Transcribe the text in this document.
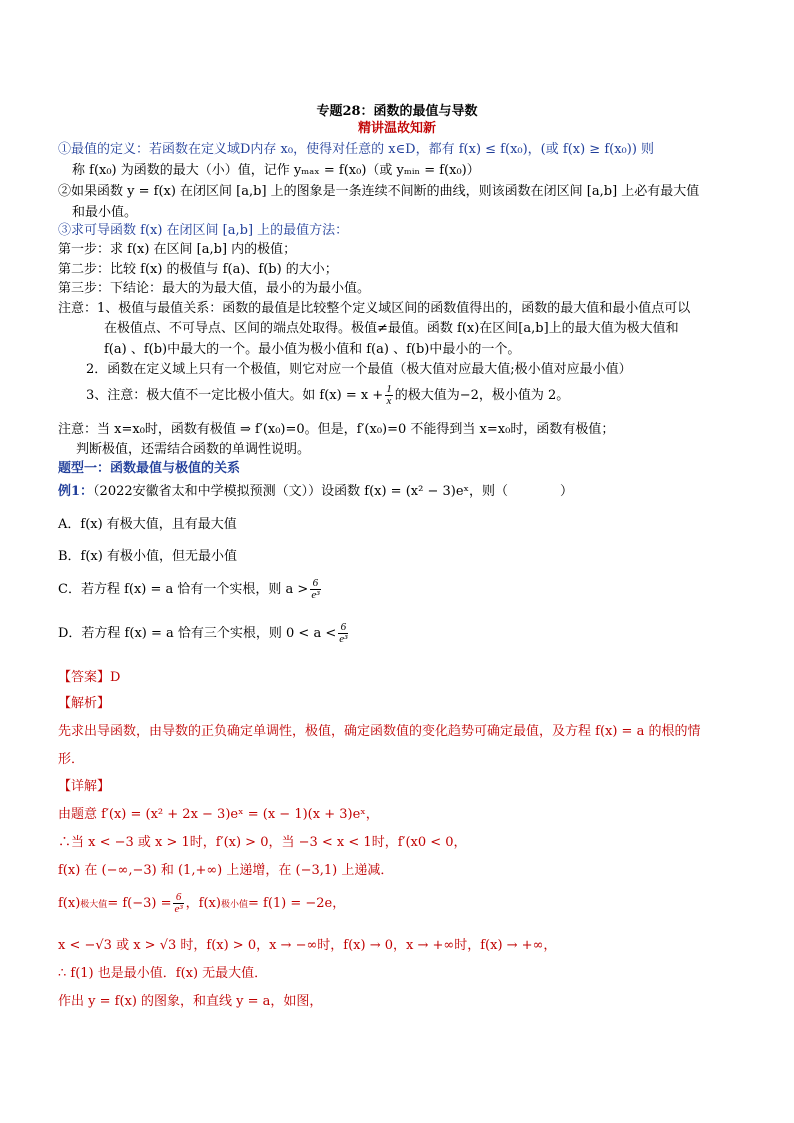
专题28：函数的最值与导数
精讲温故知新
①最值的定义：若函数在定义域D内存 x₀，使得对任意的 x∈D，都有 f(x) ≤ f(x₀)，(或 f(x) ≥ f(x₀)) 则
称 f(x₀) 为函数的最大（小）值，记作 yₘₐₓ = f(x₀)（或 yₘᵢₙ = f(x₀)）
②如果函数 y = f(x) 在闭区间 [a,b] 上的图象是一条连续不间断的曲线，则该函数在闭区间 [a,b] 上必有最大值
和最小值。
③求可导函数 f(x) 在闭区间 [a,b] 上的最值方法：
第一步：求 f(x) 在区间 [a,b] 内的极值；
第二步：比较 f(x) 的极值与 f(a)、f(b) 的大小；
第三步：下结论：最大的为最大值，最小的为最小值。
注意：1、极值与最值关系：函数的最值是比较整个定义域区间的函数值得出的，函数的最大值和最小值点可以
在极值点、不可导点、区间的端点处取得。极值≠最值。函数 f(x)在区间[a,b]上的最大值为极大值和
f(a) 、f(b)中最大的一个。最小值为极小值和 f(a) 、f(b)中最小的一个。
2．函数在定义域上只有一个极值，则它对应一个最值（极大值对应最大值;极小值对应最小值）
3、注意：极大值不一定比极小值大。如 $f(x) = x + \frac{1}{x}$ 的极大值为−2，极小值为 2。
注意：当 x=x₀时，函数有极值 ⇒ f′(x₀)=0。但是，f′(x₀)=0 不能得到当 x=x₀时，函数有极值；
判断极值，还需结合函数的单调性说明。
题型一：函数最值与极值的关系
例1：（2022安徽省太和中学模拟预测（文））设函数 f(x) = (x² − 3)eˣ，则（　　　　）
A．f(x) 有极大值，且有最大值
B．f(x) 有极小值，但无最小值
C．若方程 f(x) = a 恰有一个实根，则 $a > \frac{6}{\text{e³}}$
D．若方程 f(x) = a 恰有三个实根，则 $0 < a < \frac{6}{\text{e³}}$
【答案】D
【解析】
先求出导函数，由导数的正负确定单调性，极值，确定函数值的变化趋势可确定最值，及方程 f(x) = a 的根的情
形．
【详解】
由题意 f′(x) = (x² + 2x − 3)eˣ = (x − 1)(x + 3)eˣ，
∴当 x < −3 或 x > 1时，f′(x) > 0，当 −3 < x < 1时，f′(x0 < 0，
f(x) 在 (−∞,−3) 和 (1,+∞) 上递增，在 (−3,1) 上递减．
f(x)极大值= $f(-3) = \frac{6}{\text{e³}}$ ，f(x)极小值= f(1) = −2e，
x < −√3 或 x > √3 时，f(x) > 0，x → −∞时，f(x) → 0，x → +∞时，f(x) → +∞，
∴ f(1) 也是最小值．f(x) 无最大值．
作出 y = f(x) 的图象，和直线 y = a，如图，
